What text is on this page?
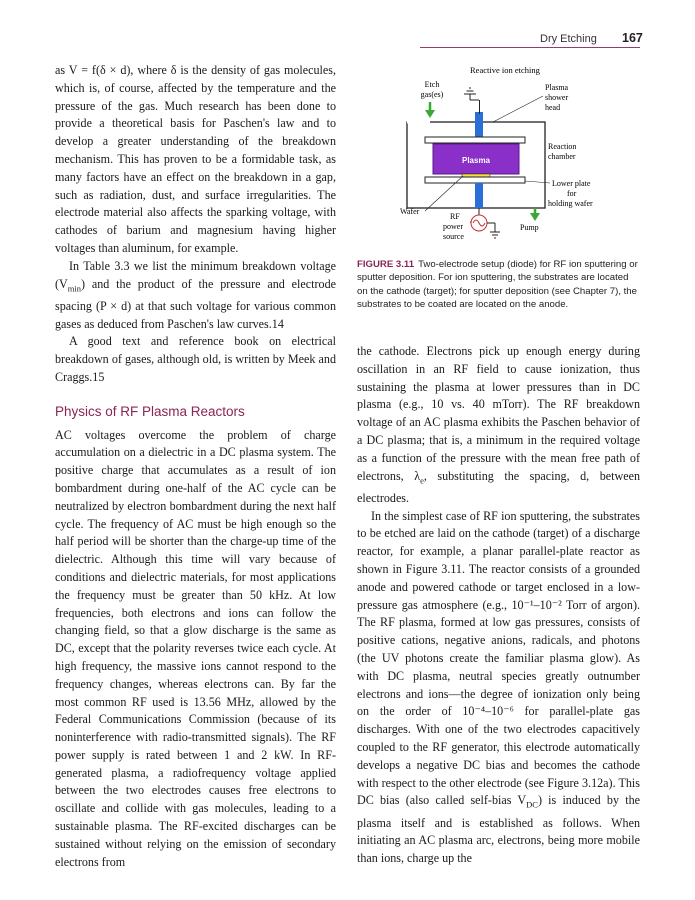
Dry Etching 167

as V = f(δ × d), where δ is the density of gas molecules, which is, of course, affected by the temperature and the pressure of the gas. Much research has been done to provide a theoretical basis for Paschen's law and to develop a greater understanding of the breakdown mechanism. This has proven to be a formidable task, as many factors have an effect on the breakdown in a gap, such as radiation, dust, and surface irregularities. The electrode material also affects the sparking voltage, with cathodes of barium and magnesium having higher voltages than aluminum, for example.

In Table 3.3 we list the minimum breakdown voltage $(V_{min})$ and the product of the pressure and electrode spacing (P × d) at that such voltage for various common gases as deduced from Paschen's law curves.14

A good text and reference book on electrical breakdown of gases, although old, is written by Meek and Craggs.15

Physics of RF Plasma Reactors

AC voltages overcome the problem of charge accumulation on a dielectric in a DC plasma system. The positive charge that accumulates as a result of ion bombardment during one-half of the AC cycle can be neutralized by electron bombardment during the next half cycle. The frequency of AC must be high enough so the half period will be shorter than the charge-up time of the dielectric. Although this time will vary because of conditions and dielectric materials, for most applications the frequency must be greater than 50 kHz. At low frequencies, both electrons and ions can follow the changing field, so that a glow discharge is the same as DC, except that the polarity reverses twice each cycle. At high frequency, the massive ions cannot respond to the frequency changes, whereas electrons can. By far the most common RF used is 13.56 MHz, allowed by the Federal Communications Commission (because of its noninterference with radio-transmitted signals). The RF power supply is rated between 1 and 2 kW. In RF-generated plasma, a radiofrequency voltage applied between the two electrodes causes free electrons to oscillate and collide with gas molecules, leading to a sustainable plasma. The RF-excited discharges can be sustained without relying on the emission of secondary electrons from

Reactive ion etching
Etch
gas(es)
Plasma
shower
head
Plasma
Reaction
chamber
Lower plate
for
holding wafer
Wafer
RF
power
source
Pump
FIGURE 3.11 Two-electrode setup (diode) for RF ion sputtering or sputter deposition. For ion sputtering, the substrates are located on the cathode (target); for sputter deposition (see Chapter 7), the substrates to be coated are located on the anode.

the cathode. Electrons pick up enough energy during oscillation in an RF field to cause ionization, thus sustaining the plasma at lower pressures than in DC plasma (e.g., 10 vs. 40 mTorr). The RF breakdown voltage of an AC plasma exhibits the Paschen behavior of a DC plasma; that is, a minimum in the required voltage as a function of the pressure with the mean free path of electrons, $\lambda_e$, substituting the spacing, d, between electrodes.

In the simplest case of RF ion sputtering, the substrates to be etched are laid on the cathode (target) of a discharge reactor, for example, a planar parallel-plate reactor as shown in Figure 3.11. The reactor consists of a grounded anode and powered cathode or target enclosed in a low-pressure gas atmosphere (e.g., 10⁻¹–10⁻² Torr of argon). The RF plasma, formed at low gas pressures, consists of positive cations, negative anions, radicals, and photons (the UV photons create the familiar plasma glow). As with DC plasma, neutral species greatly outnumber electrons and ions—the degree of ionization only being on the order of 10⁻⁴–10⁻⁶ for parallel-plate gas discharges. With one of the two electrodes capacitively coupled to the RF generator, this electrode automatically develops a negative DC bias and becomes the cathode with respect to the other electrode (see Figure 3.12a). This DC bias (also called self-bias $V_{DC}$) is induced by the plasma itself and is established as follows. When initiating an AC plasma arc, electrons, being more mobile than ions, charge up the
